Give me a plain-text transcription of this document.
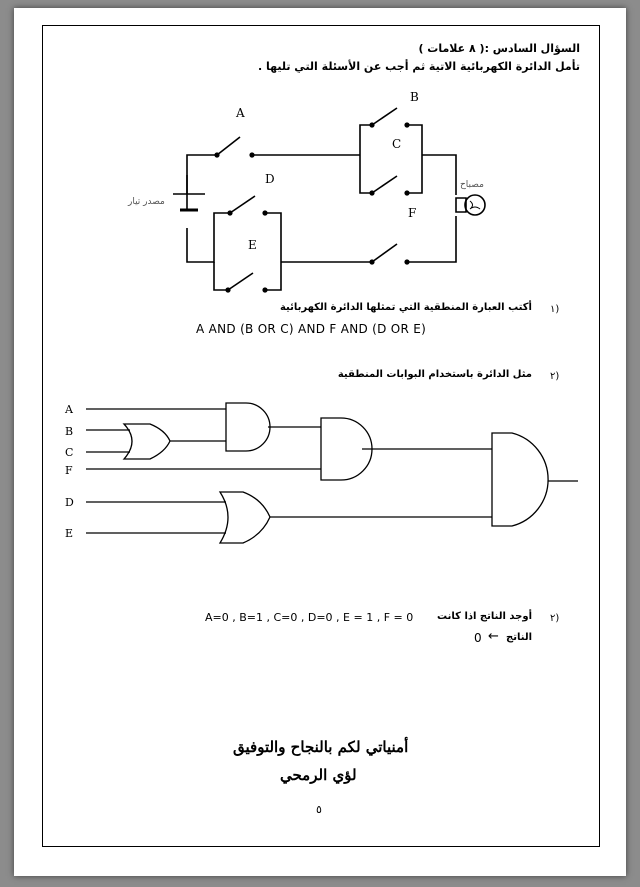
السؤال السادس :( ٨ علامات )
تأمل الدائرة الكهربائية الاتية ثم أجب عن الأسئلة التي تليها .
A
B
C
D
E
F
مصدر تيار
مصباح
١)
أكتب العبارة المنطقية التي تمثلها الدائرة الكهربائية
A AND (B OR C) AND F AND (D OR E)
٢)
مثل الدائرة باستخدام البوابات المنطقية
A
B
C
F
D
E
٢)
أوجد الناتج اذا كانت
A=0 , B=1 , C=0 , D=0 , E = 1 , F = 0
الناتج
←
0
أمنياتي لكم بالنجاح والتوفيق
لؤي الرمحي
٥
